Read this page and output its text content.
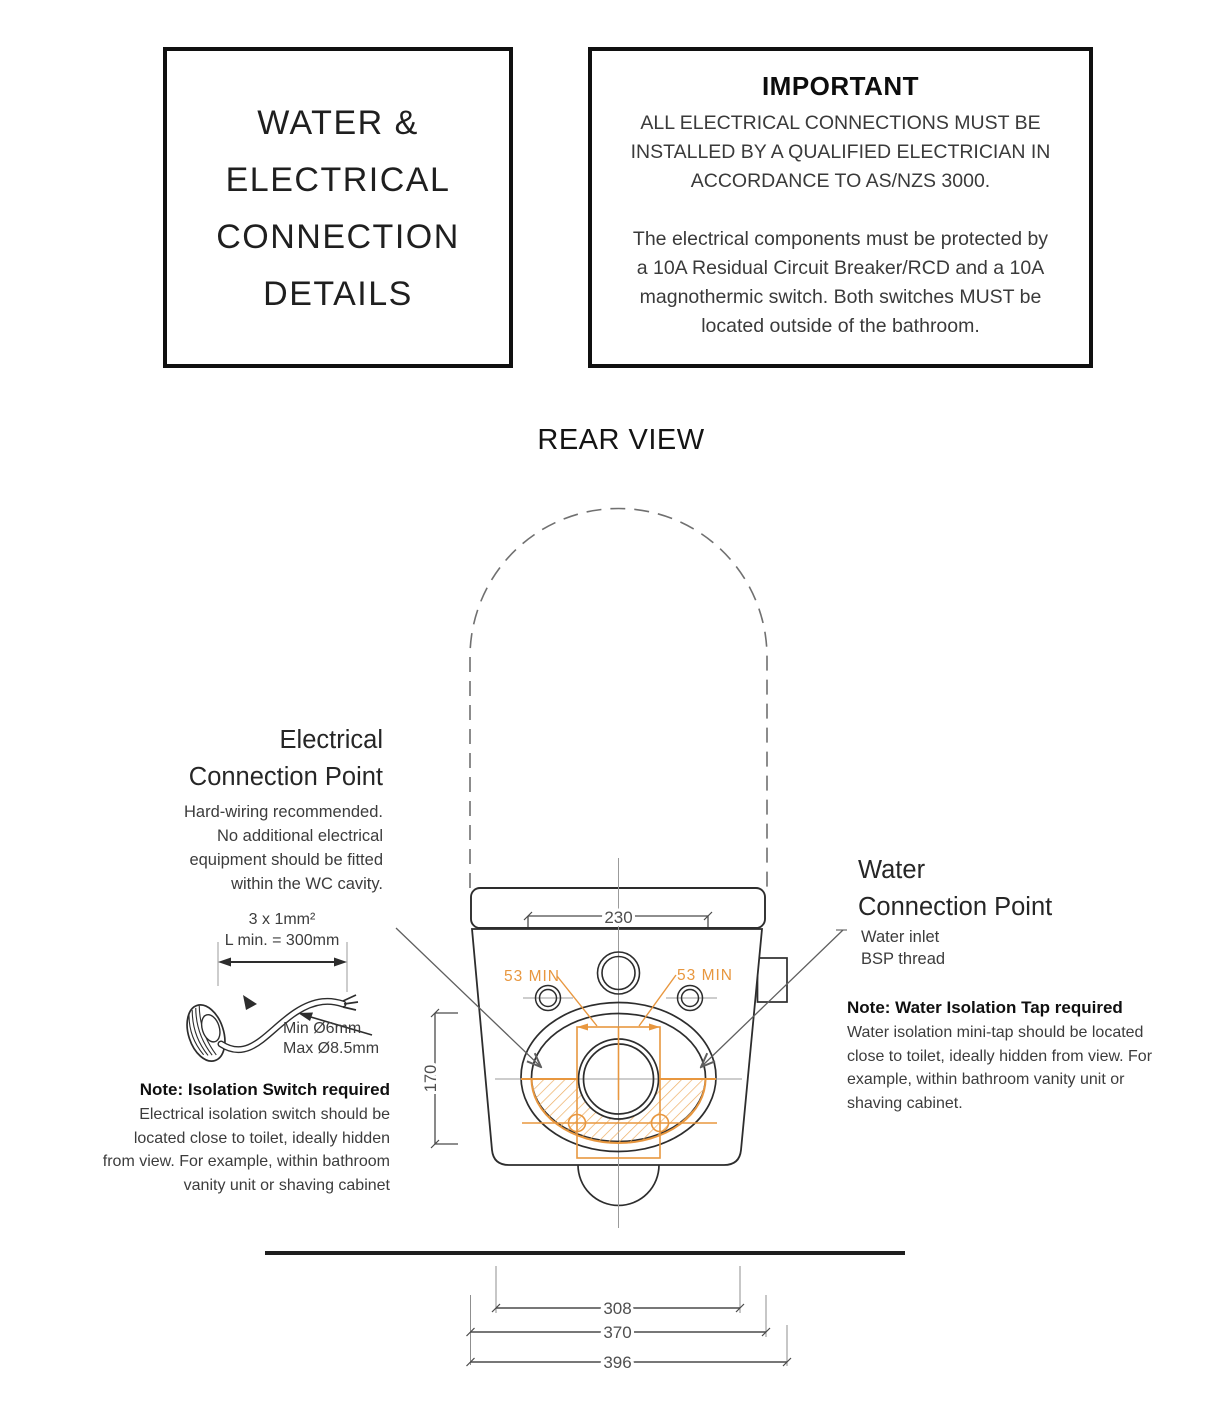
53 MIN	53 MIN
230
170
308
370
396
WATER &
ELECTRICAL
CONNECTION
DETAILS
IMPORTANT
ALL ELECTRICAL CONNECTIONS MUST BE
INSTALLED BY A QUALIFIED ELECTRICIAN IN
ACCORDANCE TO AS/NZS 3000.
The electrical components must be protected by
a 10A Residual Circuit Breaker/RCD and a 10A
magnothermic switch. Both switches MUST be
located outside of the bathroom.
REAR VIEW
Electrical
Connection Point
Hard-wiring recommended.
No additional electrical
equipment should be fitted
within the WC cavity.
3 x 1mm²
L min. = 300mm
Min Ø6mm
Max Ø8.5mm
Note: Isolation Switch required
Electrical isolation switch should be
located close to toilet, ideally hidden
from view. For example, within bathroom
vanity unit or shaving cabinet
Water
Connection Point
Water inlet
BSP thread
Note: Water Isolation Tap required
Water isolation mini-tap should be located
close to toilet, ideally hidden from view. For
example, within bathroom vanity unit or
shaving cabinet.
